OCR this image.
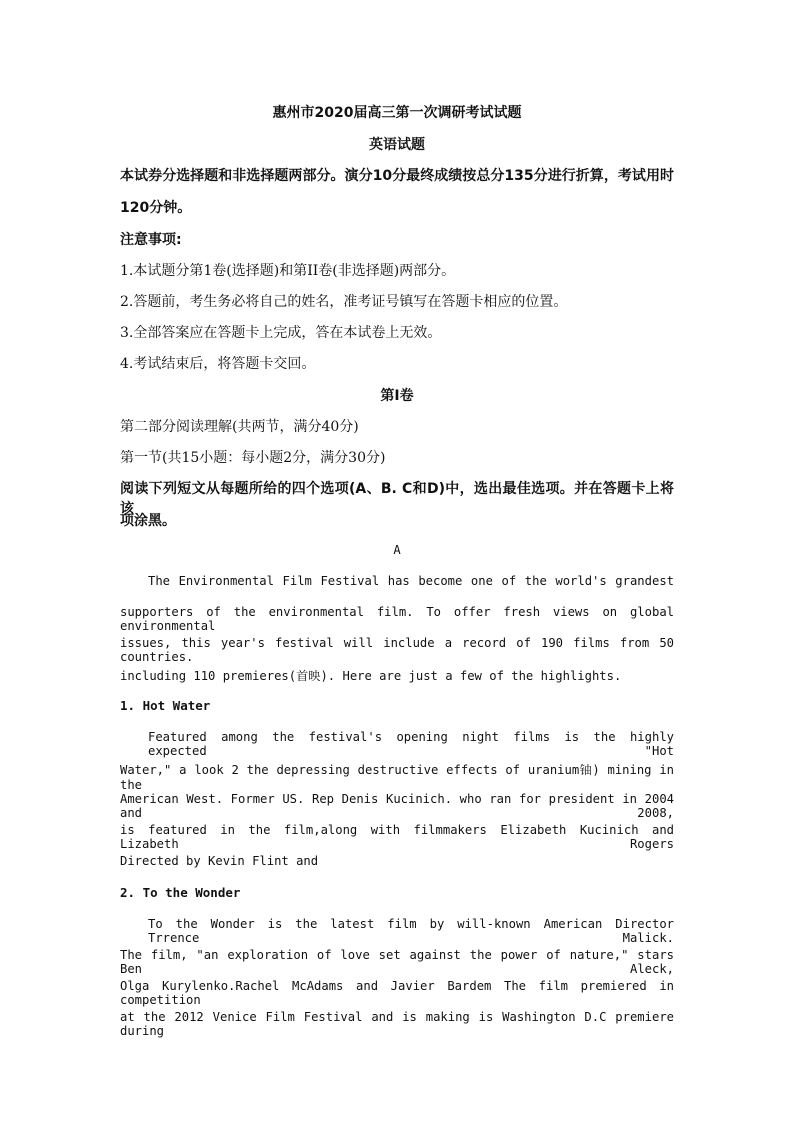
惠州市2020届高三第一次调研考试试题
英语试题
本试券分选择题和非选择题两部分。演分10分最终成绩按总分135分进行折算，考试用时
120分钟。
注意事项:
1.本试题分第1卷(选择题)和第II卷(非选择题)两部分。
2.答题前，考生务必将自己的姓名，准考证号镇写在答题卡相应的位置。
3.全部答案应在答题卡上完成，答在本试卷上无效。
4.考试结束后，将答题卡交回。
第I卷
第二部分阅读理解(共两节，满分40分)
第一节(共15小题：每小题2分，满分30分)
阅读下列短文从每题所给的四个选项(A、B. C和D)中，选出最佳选项。并在答题卡上将该
项涂黑。
A
The Environmental Film Festival has become one of the world's grandest
supporters of the environmental film. To offer fresh views on global environmental
issues, this year's festival will include a record of 190 films from 50 countries.
including 110 premieres(首映). Here are just a few of the highlights.
1. Hot Water
Featured among the festival's opening night films is the highly expected "Hot
Water," a look 2 the depressing destructive effects of uranium铀) mining in the
American West. Former US. Rep Denis Kucinich. who ran for president in 2004 and 2008,
is featured in the film,along with filmmakers Elizabeth Kucinich and Lizabeth Rogers
Directed by Kevin Flint and
2. To the Wonder
To the Wonder is the latest film by will-known American Director Trrence Malick.
The film, "an exploration of love set against the power of nature," stars Ben Aleck,
Olga Kurylenko.Rachel McAdams and Javier Bardem The film premiered in competition
at the 2012 Venice Film Festival and is making is Washington D.C premiere during
